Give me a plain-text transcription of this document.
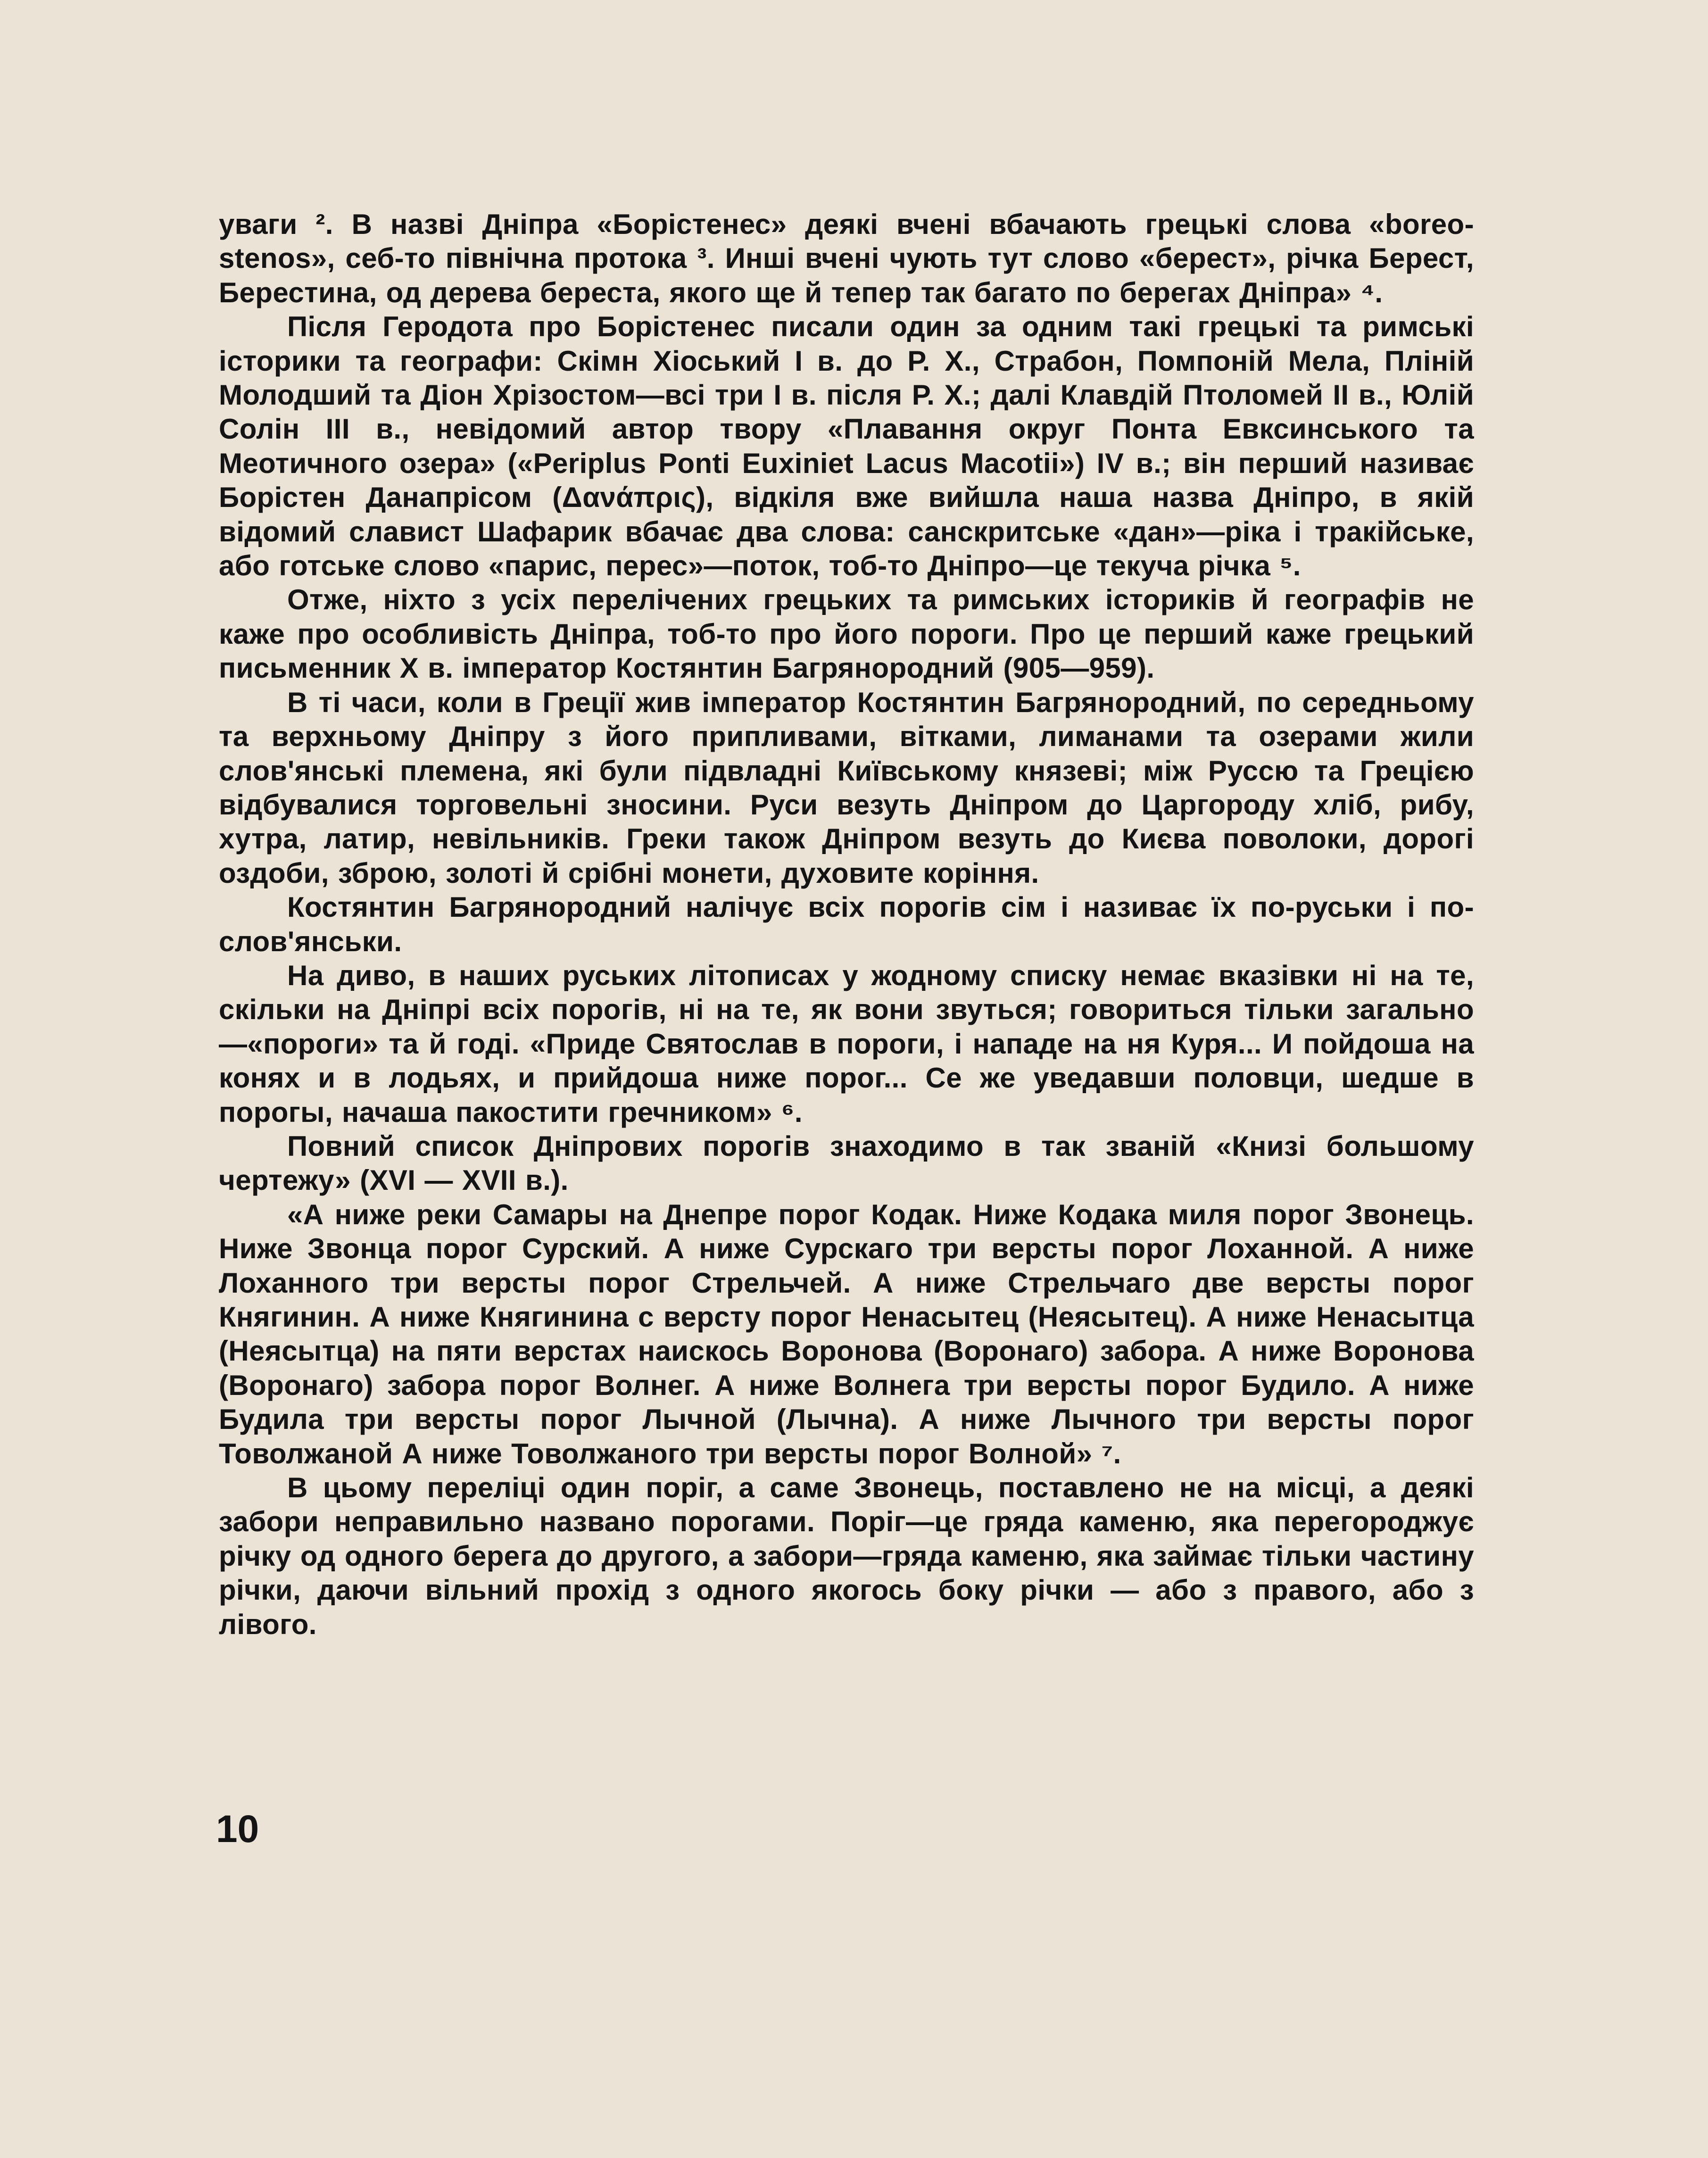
уваги ². В назві Дніпра «Борістенес» деякі вчені вбачають грецькі слова «boreo-stenos», себ-то північна протока ³. Инші вчені чують тут слово «берест», річка Берест, Берестина, од дерева береста, якого ще й тепер так багато по берегах Дніпра» ⁴.

Після Геродота про Борістенес писали один за одним такі грецькі та римські історики та географи: Скімн Хіоський I в. до Р. Х., Страбон, Помпоній Мела, Пліній Молодший та Діон Хрізостом—всі три I в. після Р. Х.; далі Клавдій Птоломей II в., Юлій Солін III в., невідомий автор твору «Плавання округ Понта Евксинського та Меотичного озера» («Periplus Ponti Euxiniet Lacus Macotii») IV в.; він перший називає Борістен Данапрісом (Δανάπρις), відкіля вже вийшла наша назва Дніпро, в якій відомий славист Шафарик вбачає два слова: санскритське «дан»—ріка і тракійське, або готське слово «парис, перес»—поток, тоб-то Дніпро—це текуча річка ⁵.

Отже, ніхто з усіх перелічених грецьких та римських істориків й географів не каже про особливість Дніпра, тоб-то про його пороги. Про це перший каже грецький письменник X в. імператор Костянтин Багрянородний (905—959).

В ті часи, коли в Греції жив імператор Костянтин Багрянородний, по середньому та верхньому Дніпру з його припливами, вітками, лиманами та озерами жили слов'янські племена, які були підвладні Київському князеві; між Руссю та Грецією відбувалися торговельні зносини. Руси везуть Дніпром до Царгороду хліб, рибу, хутра, латир, невільників. Греки також Дніпром везуть до Києва поволоки, дорогі оздоби, зброю, золоті й срібні монети, духовите коріння.

Костянтин Багрянородний налічує всіх порогів сім і називає їх по-руськи і по-слов'янськи.

На диво, в наших руських літописах у жодному списку немає вказівки ні на те, скільки на Дніпрі всіх порогів, ні на те, як вони звуться; говориться тільки загально—«пороги» та й годі. «Приде Святослав в пороги, і нападе на ня Куря... И пойдоша на конях и в лодьях, и прийдоша ниже порог... Се же уведавши половци, шедше в порогы, начаша пакостити гречником» ⁶.

Повний список Дніпрових порогів знаходимо в так званій «Книзі большому чертежу» (XVI — XVII в.).

«А ниже реки Самары на Днепре порог Кодак. Ниже Кодака миля порог Звонець. Ниже Звонца порог Сурский. А ниже Сурскаго три версты порог Лоханной. А ниже Лоханного три версты порог Стрельчей. А ниже Стрельчаго две версты порог Княгинин. А ниже Княгинина с версту порог Ненасытец (Неясытец). А ниже Ненасытца (Неясытца) на пяти верстах наискось Воронова (Воронаго) забора. А ниже Воронова (Воронаго) забора порог Волнег. А ниже Волнега три версты порог Будило. А ниже Будила три версты порог Лычной (Лычна). А ниже Лычного три версты порог Товолжаной А ниже Товолжаного три версты порог Волной» ⁷.

В цьому переліці один поріг, а саме Звонець, поставлено не на місці, а деякі забори неправильно названо порогами. Поріг—це гряда каменю, яка перегороджує річку од одного берега до другого, а забори—гряда каменю, яка займає тільки частину річки, даючи вільний прохід з одного якогось боку річки — або з правого, або з лівого.

10
